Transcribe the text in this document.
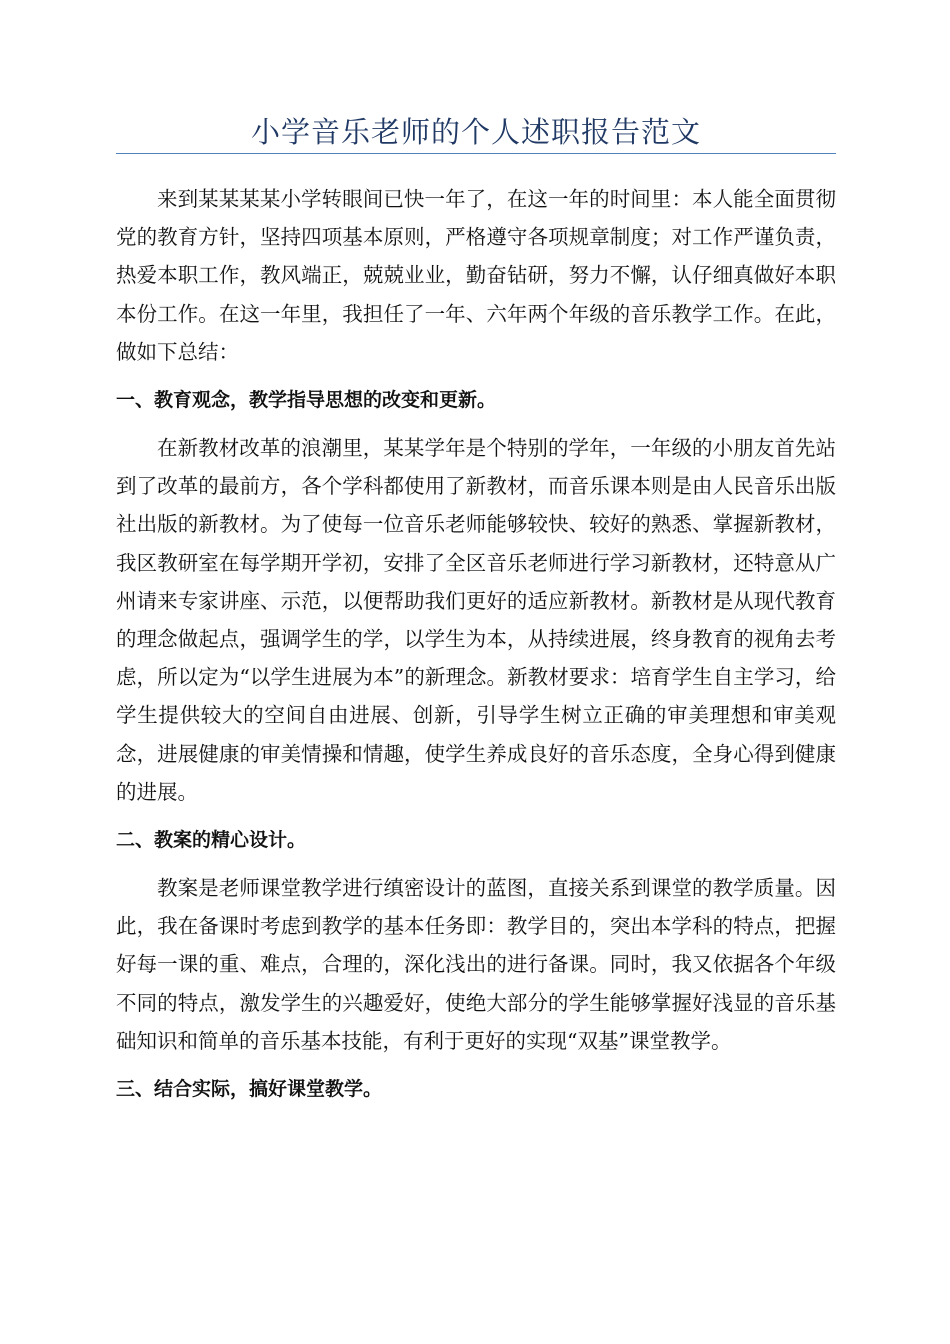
小学音乐老师的个人述职报告范文

来到某某某某小学转眼间已快一年了，在这一年的时间里：本人能全面贯彻党的教育方针，坚持四项基本原则，严格遵守各项规章制度；对工作严谨负责，热爱本职工作，教风端正，兢兢业业，勤奋钻研，努力不懈，认仔细真做好本职本份工作。在这一年里，我担任了一年、六年两个年级的音乐教学工作。在此，做如下总结：

一、教育观念，教学指导思想的改变和更新。

在新教材改革的浪潮里，某某学年是个特别的学年，一年级的小朋友首先站到了改革的最前方，各个学科都使用了新教材，而音乐课本则是由人民音乐出版社出版的新教材。为了使每一位音乐老师能够较快、较好的熟悉、掌握新教材，我区教研室在每学期开学初，安排了全区音乐老师进行学习新教材，还特意从广州请来专家讲座、示范，以便帮助我们更好的适应新教材。新教材是从现代教育的理念做起点，强调学生的学，以学生为本，从持续进展，终身教育的视角去考虑，所以定为“以学生进展为本”的新理念。新教材要求：培育学生自主学习，给学生提供较大的空间自由进展、创新，引导学生树立正确的审美理想和审美观念，进展健康的审美情操和情趣，使学生养成良好的音乐态度，全身心得到健康的进展。

二、教案的精心设计。

教案是老师课堂教学进行缜密设计的蓝图，直接关系到课堂的教学质量。因此，我在备课时考虑到教学的基本任务即：教学目的，突出本学科的特点，把握好每一课的重、难点，合理的，深化浅出的进行备课。同时，我又依据各个年级不同的特点，激发学生的兴趣爱好，使绝大部分的学生能够掌握好浅显的音乐基础知识和简单的音乐基本技能，有利于更好的实现“双基”课堂教学。

三、结合实际，搞好课堂教学。
